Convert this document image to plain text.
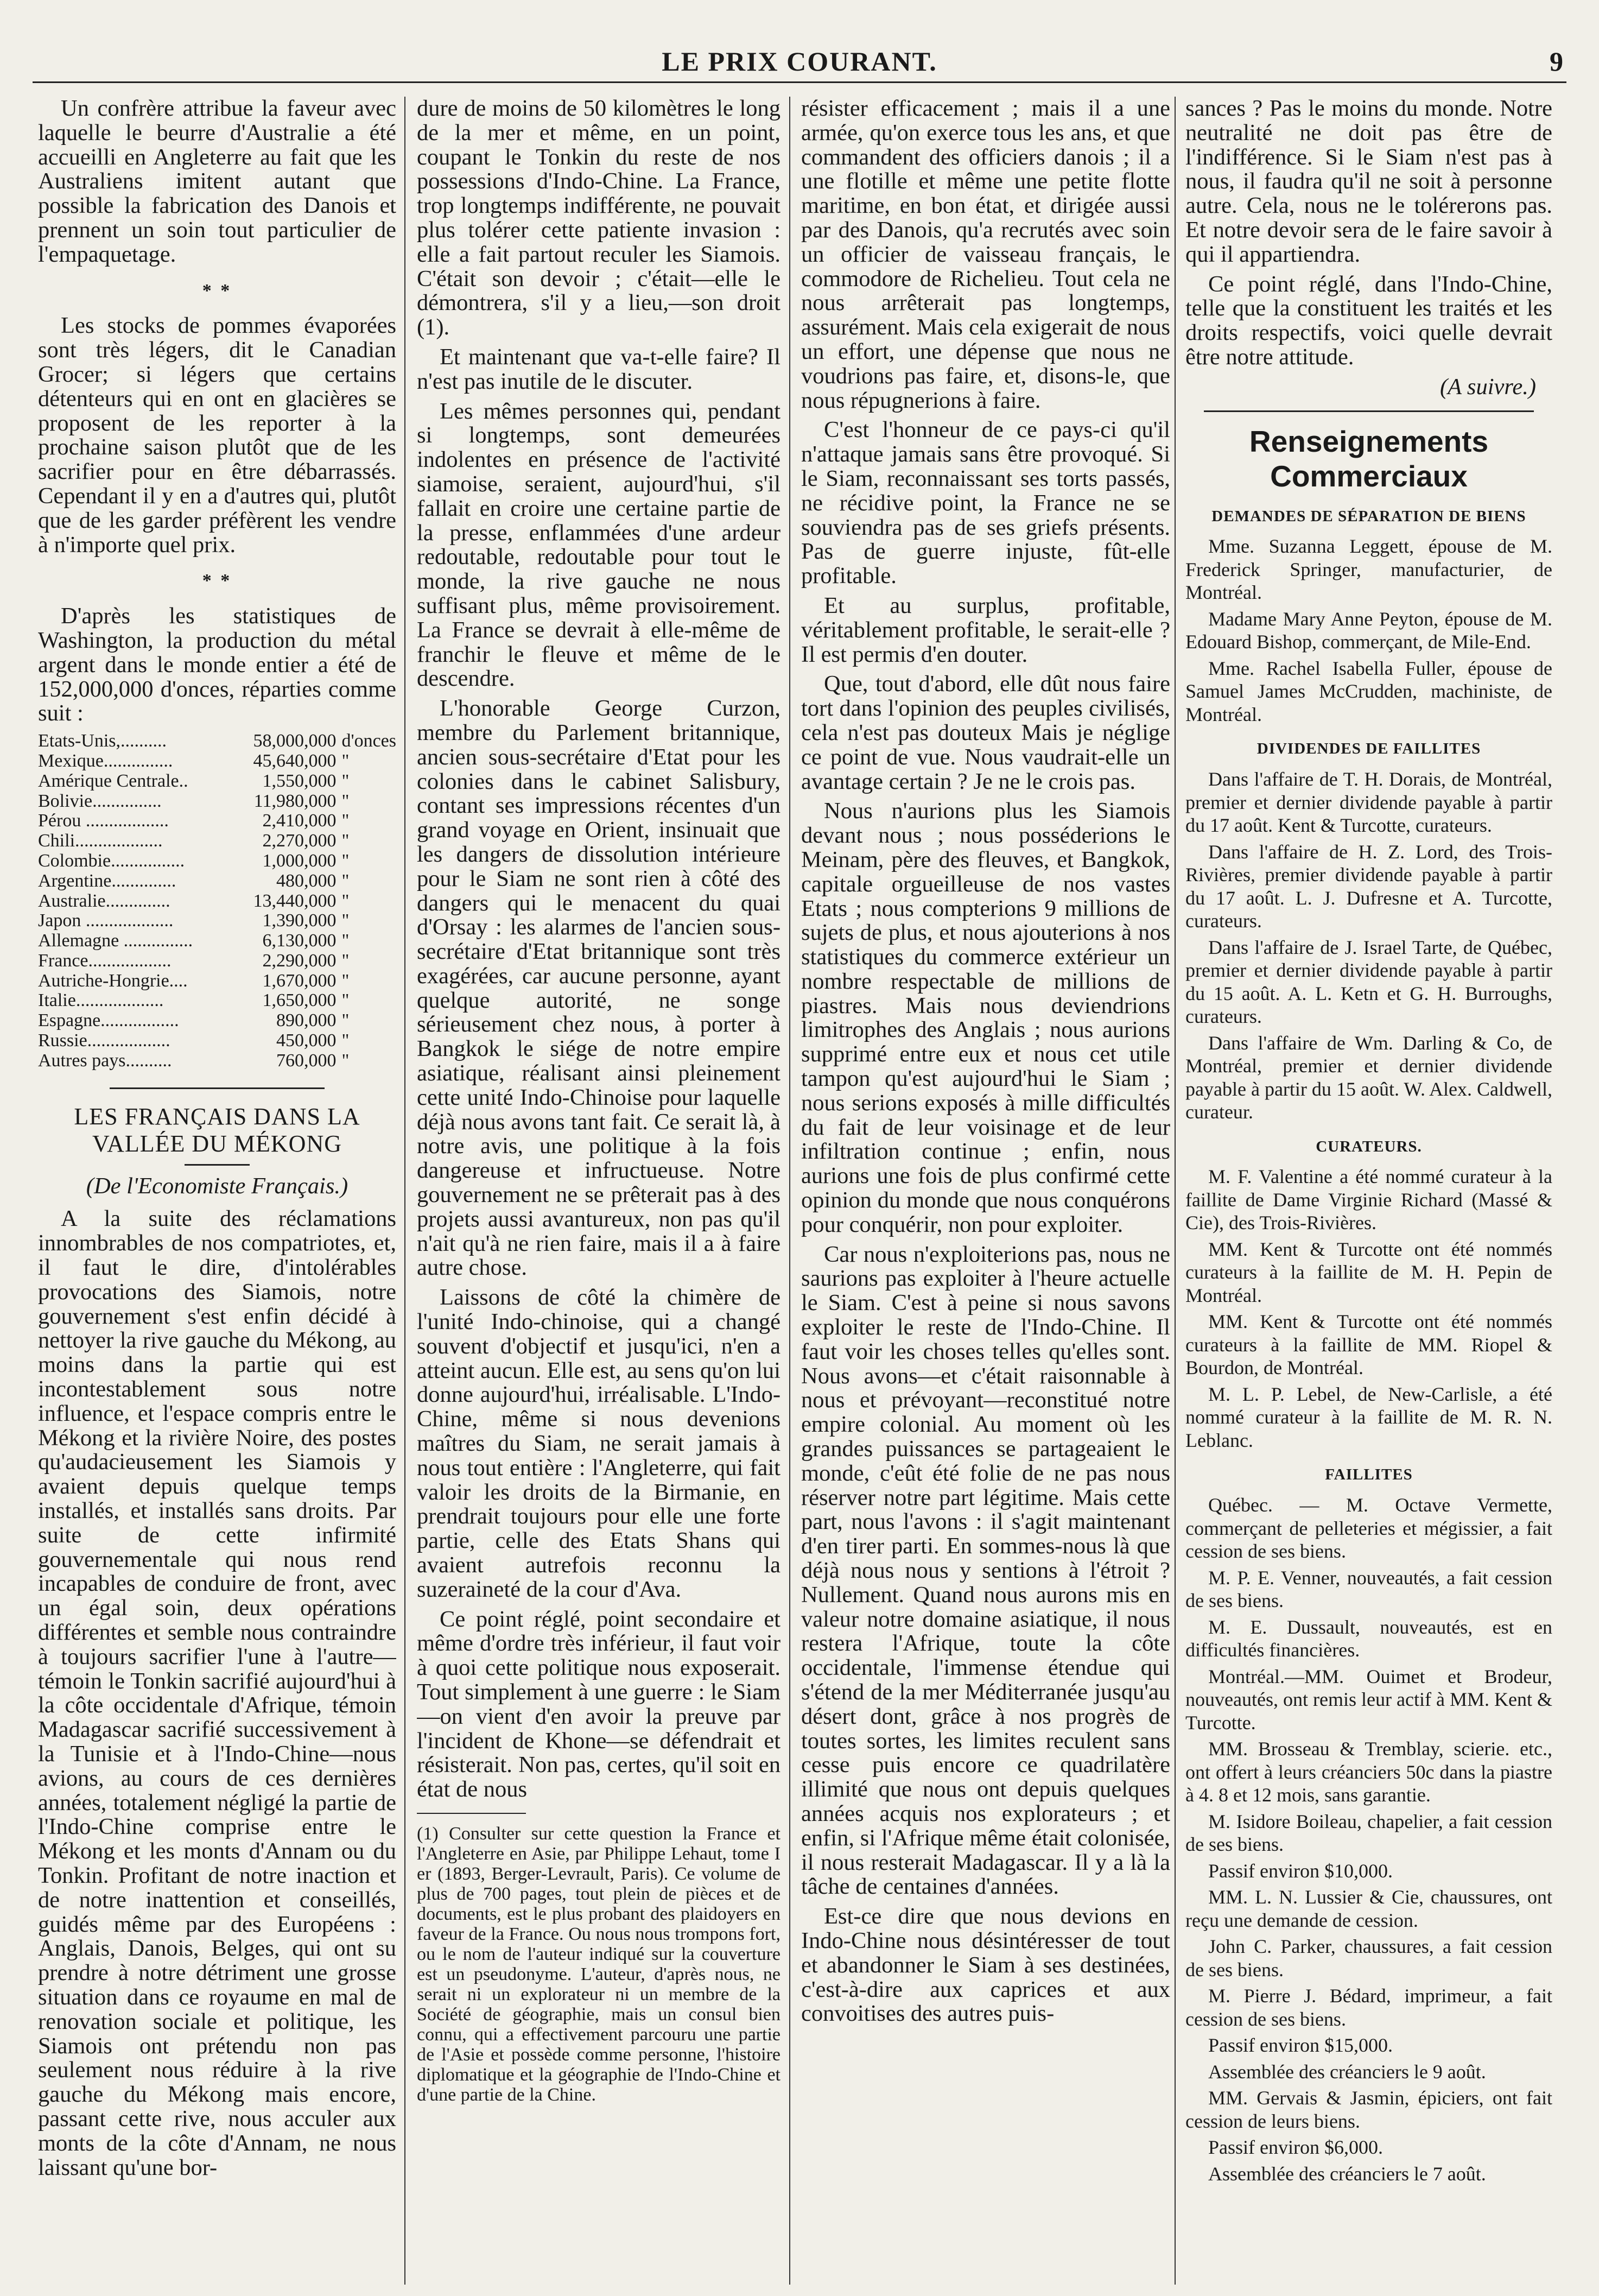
LE PRIX COURANT.	9

Un confrère attribue la faveur avec laquelle le beurre d'Australie a été accueilli en Angleterre au fait que les Australiens imitent autant que possible la fabrication des Danois et prennent un soin tout particulier de l'empaquetage.

* *

Les stocks de pommes évaporées sont très légers, dit le Canadian Grocer; si légers que certains détenteurs qui en ont en glacières se proposent de les reporter à la prochaine saison plutôt que de les sacrifier pour en être débarrassés. Cependant il y en a d'autres qui, plutôt que de les garder préfèrent les vendre à n'importe quel prix.

* *

D'après les statistiques de Washington, la production du métal argent dans le monde entier a été de 152,000,000 d'onces, réparties comme suit :

Etats-Unis,..........	58,000,000	d'onces
Mexique...............	45,640,000	"
Amérique Centrale..	1,550,000	"
Bolivie...............	11,980,000	"
Pérou ..................	2,410,000	"
Chili...................	2,270,000	"
Colombie................	1,000,000	"
Argentine..............	480,000	"
Australie..............	13,440,000	"
Japon ...................	1,390,000	"
Allemagne ...............	6,130,000	"
France..................	2,290,000	"
Autriche-Hongrie....	1,670,000	"
Italie...................	1,650,000	"
Espagne.................	890,000	"
Russie..................	450,000	"
Autres pays..........	760,000	"
LES FRANÇAIS DANS LA
VALLÉE DU MÉKONG

(De l'Economiste Français.)

A la suite des réclamations innombrables de nos compatriotes, et, il faut le dire, d'intolérables provocations des Siamois, notre gouvernement s'est enfin décidé à nettoyer la rive gauche du Mékong, au moins dans la partie qui est incontestablement sous notre influence, et l'espace compris entre le Mékong et la rivière Noire, des postes qu'audacieusement les Siamois y avaient depuis quelque temps installés, et installés sans droits. Par suite de cette infirmité gouvernementale qui nous rend incapables de conduire de front, avec un égal soin, deux opérations différentes et semble nous contraindre à toujours sacrifier l'une à l'autre—témoin le Tonkin sacrifié aujourd'hui à la côte occidentale d'Afrique, témoin Madagascar sacrifié successivement à la Tunisie et à l'Indo-Chine—nous avions, au cours de ces dernières années, totalement négligé la partie de l'Indo-Chine comprise entre le Mékong et les monts d'Annam ou du Tonkin. Profitant de notre inaction et de notre inattention et conseillés, guidés même par des Européens : Anglais, Danois, Belges, qui ont su prendre à notre détriment une grosse situation dans ce royaume en mal de renovation sociale et politique, les Siamois ont prétendu non pas seulement nous réduire à la rive gauche du Mékong mais encore, passant cette rive, nous acculer aux monts de la côte d'Annam, ne nous laissant qu'une bor-

dure de moins de 50 kilomètres le long de la mer et même, en un point, coupant le Tonkin du reste de nos possessions d'Indo-Chine. La France, trop longtemps indifférente, ne pouvait plus tolérer cette patiente invasion : elle a fait partout reculer les Siamois. C'était son devoir ; c'était—elle le démontrera, s'il y a lieu,—son droit (1).

Et maintenant que va-t-elle faire? Il n'est pas inutile de le discuter.

Les mêmes personnes qui, pendant si longtemps, sont demeurées indolentes en présence de l'activité siamoise, seraient, aujourd'hui, s'il fallait en croire une certaine partie de la presse, enflammées d'une ardeur redoutable, redoutable pour tout le monde, la rive gauche ne nous suffisant plus, même provisoirement. La France se devrait à elle-même de franchir le fleuve et même de le descendre.

L'honorable George Curzon, membre du Parlement britannique, ancien sous-secrétaire d'Etat pour les colonies dans le cabinet Salisbury, contant ses impressions récentes d'un grand voyage en Orient, insinuait que les dangers de dissolution intérieure pour le Siam ne sont rien à côté des dangers qui le menacent du quai d'Orsay : les alarmes de l'ancien sous-secrétaire d'Etat britannique sont très exagérées, car aucune personne, ayant quelque autorité, ne songe sérieusement chez nous, à porter à Bangkok le siége de notre empire asiatique, réalisant ainsi pleinement cette unité Indo-Chinoise pour laquelle déjà nous avons tant fait. Ce serait là, à notre avis, une politique à la fois dangereuse et infructueuse. Notre gouvernement ne se prêterait pas à des projets aussi avantureux, non pas qu'il n'ait qu'à ne rien faire, mais il a à faire autre chose.

Laissons de côté la chimère de l'unité Indo-chinoise, qui a changé souvent d'objectif et jusqu'ici, n'en a atteint aucun. Elle est, au sens qu'on lui donne aujourd'hui, irréalisable. L'Indo-Chine, même si nous devenions maîtres du Siam, ne serait jamais à nous tout entière : l'Angleterre, qui fait valoir les droits de la Birmanie, en prendrait toujours pour elle une forte partie, celle des Etats Shans qui avaient autrefois reconnu la suzeraineté de la cour d'Ava.

Ce point réglé, point secondaire et même d'ordre très inférieur, il faut voir à quoi cette politique nous exposerait. Tout simplement à une guerre : le Siam—on vient d'en avoir la preuve par l'incident de Khone—se défendrait et résisterait. Non pas, certes, qu'il soit en état de nous

(1) Consulter sur cette question la France et l'Angleterre en Asie, par Philippe Lehaut, tome I er (1893, Berger-Levrault, Paris). Ce volume de plus de 700 pages, tout plein de pièces et de documents, est le plus probant des plaidoyers en faveur de la France. Ou nous nous trompons fort, ou le nom de l'auteur indiqué sur la couverture est un pseudonyme. L'auteur, d'après nous, ne serait ni un explorateur ni un membre de la Société de géographie, mais un consul bien connu, qui a effectivement parcouru une partie de l'Asie et possède comme personne, l'histoire diplomatique et la géographie de l'Indo-Chine et d'une partie de la Chine.

résister efficacement ; mais il a une armée, qu'on exerce tous les ans, et que commandent des officiers danois ; il a une flotille et même une petite flotte maritime, en bon état, et dirigée aussi par des Danois, qu'a recrutés avec soin un officier de vaisseau français, le commodore de Richelieu. Tout cela ne nous arrêterait pas longtemps, assurément. Mais cela exigerait de nous un effort, une dépense que nous ne voudrions pas faire, et, disons-le, que nous répugnerions à faire.

C'est l'honneur de ce pays-ci qu'il n'attaque jamais sans être provoqué. Si le Siam, reconnaissant ses torts passés, ne récidive point, la France ne se souviendra pas de ses griefs présents. Pas de guerre injuste, fût-elle profitable.

Et au surplus, profitable, véritablement profitable, le serait-elle ? Il est permis d'en douter.

Que, tout d'abord, elle dût nous faire tort dans l'opinion des peuples civilisés, cela n'est pas douteux Mais je néglige ce point de vue. Nous vaudrait-elle un avantage certain ? Je ne le crois pas.

Nous n'aurions plus les Siamois devant nous ; nous posséderions le Meinam, père des fleuves, et Bangkok, capitale orgueilleuse de nos vastes Etats ; nous compterions 9 millions de sujets de plus, et nous ajouterions à nos statistiques du commerce extérieur un nombre respectable de millions de piastres. Mais nous deviendrions limitrophes des Anglais ; nous aurions supprimé entre eux et nous cet utile tampon qu'est aujourd'hui le Siam ; nous serions exposés à mille difficultés du fait de leur voisinage et de leur infiltration continue ; enfin, nous aurions une fois de plus confirmé cette opinion du monde que nous conquérons pour conquérir, non pour exploiter.

Car nous n'exploiterions pas, nous ne saurions pas exploiter à l'heure actuelle le Siam. C'est à peine si nous savons exploiter le reste de l'Indo-Chine. Il faut voir les choses telles qu'elles sont. Nous avons—et c'était raisonnable à nous et prévoyant—reconstitué notre empire colonial. Au moment où les grandes puissances se partageaient le monde, c'eût été folie de ne pas nous réserver notre part légitime. Mais cette part, nous l'avons : il s'agit maintenant d'en tirer parti. En sommes-nous là que déjà nous nous y sentions à l'étroit ? Nullement. Quand nous aurons mis en valeur notre domaine asiatique, il nous restera l'Afrique, toute la côte occidentale, l'immense étendue qui s'étend de la mer Méditerranée jusqu'au désert dont, grâce à nos progrès de toutes sortes, les limites reculent sans cesse puis encore ce quadrilatère illimité que nous ont depuis quelques années acquis nos explorateurs ; et enfin, si l'Afrique même était colonisée, il nous resterait Madagascar. Il y a là la tâche de centaines d'années.

Est-ce dire que nous devions en Indo-Chine nous désintéresser de tout et abandonner le Siam à ses destinées, c'est-à-dire aux caprices et aux convoitises des autres puis-

sances ? Pas le moins du monde. Notre neutralité ne doit pas être de l'indifférence. Si le Siam n'est pas à nous, il faudra qu'il ne soit à personne autre. Cela, nous ne le tolérerons pas. Et notre devoir sera de le faire savoir à qui il appartiendra.

Ce point réglé, dans l'Indo-Chine, telle que la constituent les traités et les droits respectifs, voici quelle devrait être notre attitude.

(A suivre.)
Renseignements Commerciaux
DEMANDES DE SÉPARATION DE BIENS

Mme. Suzanna Leggett, épouse de M. Frederick Springer, manufacturier, de Montréal.

Madame Mary Anne Peyton, épouse de M. Edouard Bishop, commerçant, de Mile-End.

Mme. Rachel Isabella Fuller, épouse de Samuel James McCrudden, machiniste, de Montréal.

DIVIDENDES DE FAILLITES

Dans l'affaire de T. H. Dorais, de Montréal, premier et dernier dividende payable à partir du 17 août. Kent & Turcotte, curateurs.

Dans l'affaire de H. Z. Lord, des Trois-Rivières, premier dividende payable à partir du 17 août. L. J. Dufresne et A. Turcotte, curateurs.

Dans l'affaire de J. Israel Tarte, de Québec, premier et dernier dividende payable à partir du 15 août. A. L. Ketn et G. H. Burroughs, curateurs.

Dans l'affaire de Wm. Darling & Co, de Montréal, premier et dernier dividende payable à partir du 15 août. W. Alex. Caldwell, curateur.

CURATEURS.

M. F. Valentine a été nommé curateur à la faillite de Dame Virginie Richard (Massé & Cie), des Trois-Rivières.

MM. Kent & Turcotte ont été nommés curateurs à la faillite de M. H. Pepin de Montréal.

MM. Kent & Turcotte ont été nommés curateurs à la faillite de MM. Riopel & Bourdon, de Montréal.

M. L. P. Lebel, de New-Carlisle, a été nommé curateur à la faillite de M. R. N. Leblanc.

FAILLITES

Québec. — M. Octave Vermette, commerçant de pelleteries et mégissier, a fait cession de ses biens.

M. P. E. Venner, nouveautés, a fait cession de ses biens.

M. E. Dussault, nouveautés, est en difficultés financières.

Montréal.—MM. Ouimet et Brodeur, nouveautés, ont remis leur actif à MM. Kent & Turcotte.

MM. Brosseau & Tremblay, scierie. etc., ont offert à leurs créanciers 50c dans la piastre à 4. 8 et 12 mois, sans garantie.

M. Isidore Boileau, chapelier, a fait cession de ses biens.

Passif environ $10,000.

MM. L. N. Lussier & Cie, chaussures, ont reçu une demande de cession.

John C. Parker, chaussures, a fait cession de ses biens.

M. Pierre J. Bédard, imprimeur, a fait cession de ses biens.

Passif environ $15,000.

Assemblée des créanciers le 9 août.

MM. Gervais & Jasmin, épiciers, ont fait cession de leurs biens.

Passif environ $6,000.

Assemblée des créanciers le 7 août.
